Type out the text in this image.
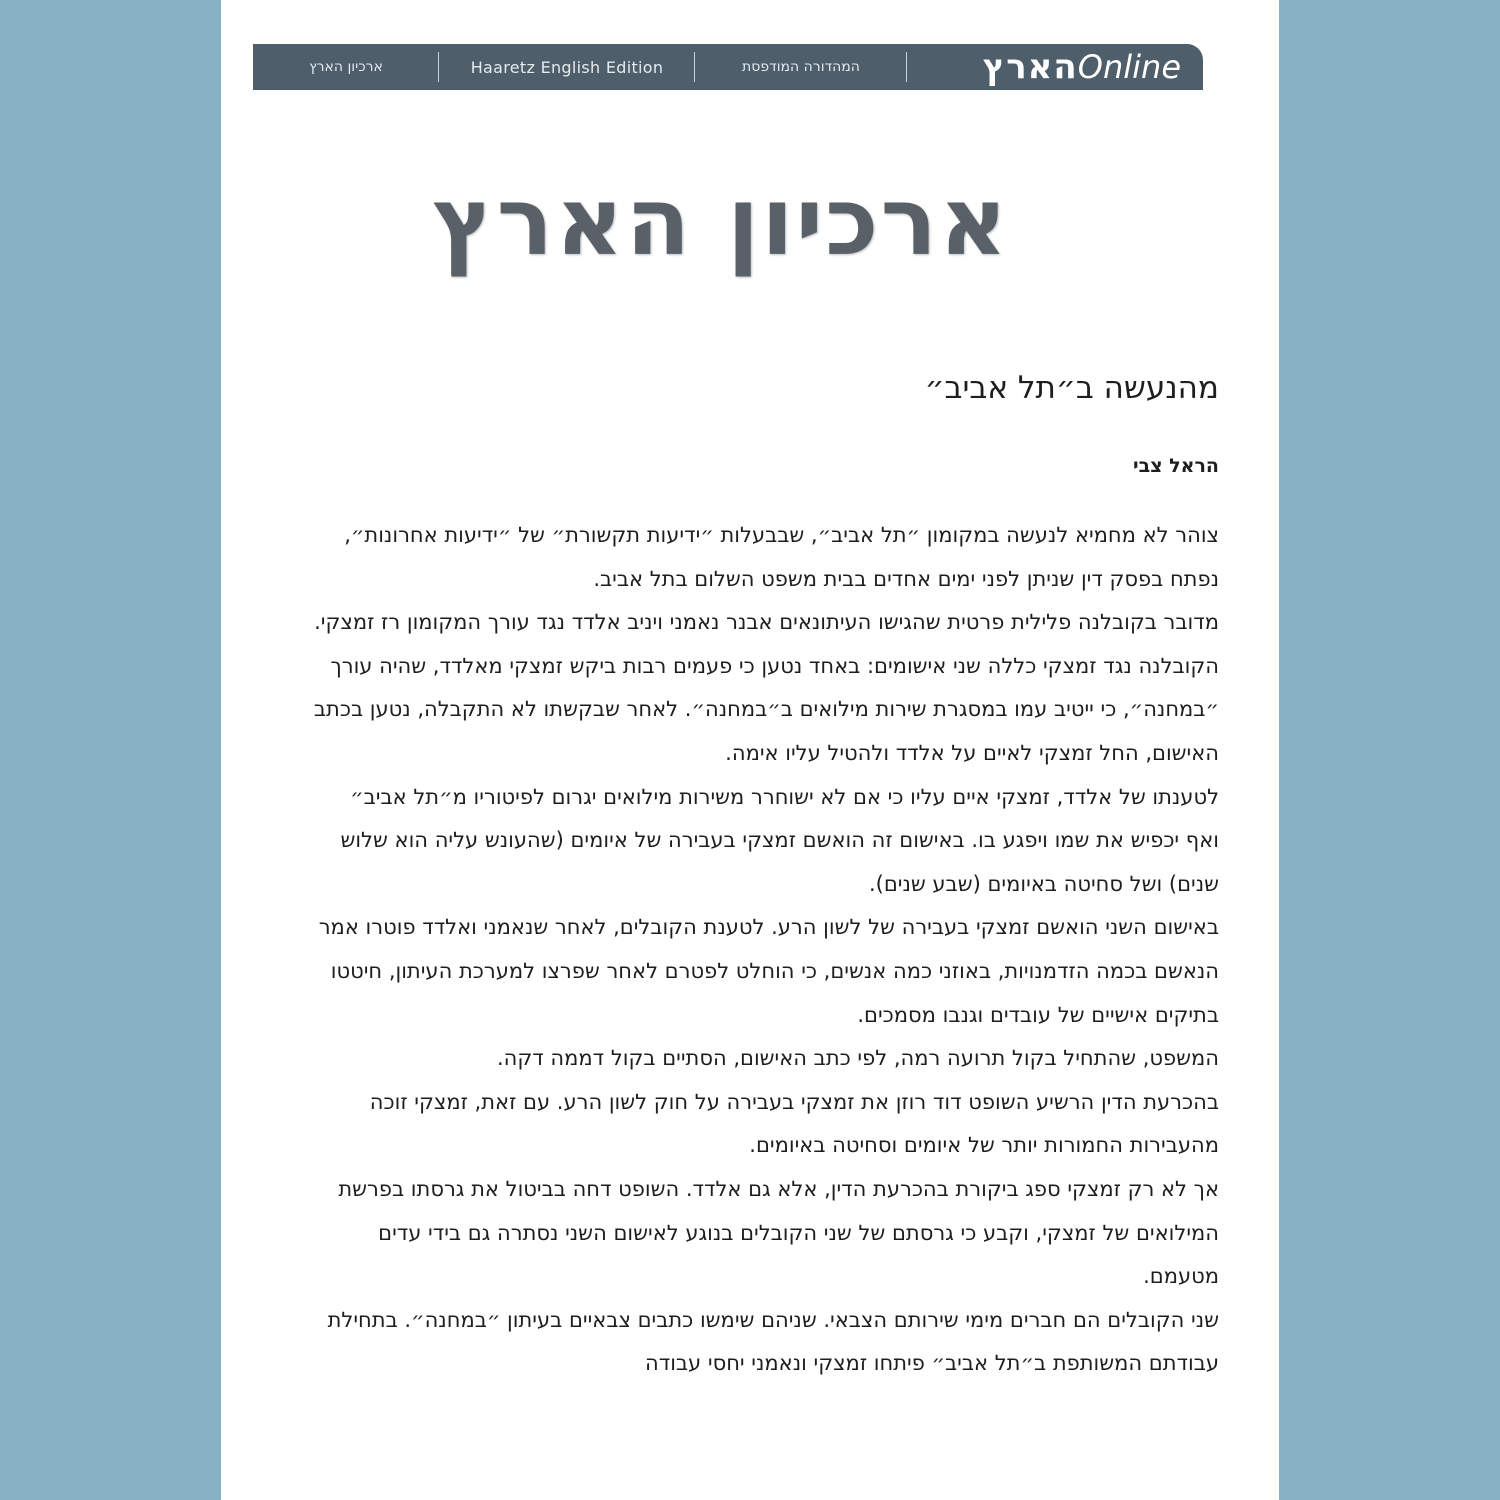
הארץ Online
המהדורה המודפסת
Haaretz English Edition
ארכיון הארץ
ארכיון הארץ
מהנעשה ב״תל אביב״
הראל צבי

צוהר לא מחמיא לנעשה במקומון ״תל אביב״, שבבעלות ״ידיעות תקשורת״ של ״ידיעות אחרונות״, נפתח בפסק דין שניתן לפני ימים אחדים בבית משפט השלום בתל אביב.

מדובר בקובלנה פלילית פרטית שהגישו העיתונאים אבנר נאמני ויניב אלדד נגד עורך המקומון רז זמצקי.

הקובלנה נגד זמצקי כללה שני אישומים: באחד נטען כי פעמים רבות ביקש זמצקי מאלדד, שהיה עורך ״במחנה״, כי ייטיב עמו במסגרת שירות מילואים ב״במחנה״. לאחר שבקשתו לא התקבלה, נטען בכתב האישום, החל זמצקי לאיים על אלדד ולהטיל עליו אימה.

לטענתו של אלדד, זמצקי איים עליו כי אם לא ישוחרר משירות מילואים יגרום לפיטוריו מ״תל אביב״ ואף יכפיש את שמו ויפגע בו. באישום זה הואשם זמצקי בעבירה של איומים (שהעונש עליה הוא שלוש שנים) ושל סחיטה באיומים (שבע שנים).

באישום השני הואשם זמצקי בעבירה של לשון הרע. לטענת הקובלים, לאחר שנאמני ואלדד פוטרו אמר הנאשם בכמה הזדמנויות, באוזני כמה אנשים, כי הוחלט לפטרם לאחר שפרצו למערכת העיתון, חיטטו בתיקים אישיים של עובדים וגנבו מסמכים.

המשפט, שהתחיל בקול תרועה רמה, לפי כתב האישום, הסתיים בקול דממה דקה.

בהכרעת הדין הרשיע השופט דוד רוזן את זמצקי בעבירה על חוק לשון הרע. עם זאת, זמצקי זוכה מהעבירות החמורות יותר של איומים וסחיטה באיומים.

אך לא רק זמצקי ספג ביקורת בהכרעת הדין, אלא גם אלדד. השופט דחה בביטול את גרסתו בפרשת המילואים של זמצקי, וקבע כי גרסתם של שני הקובלים בנוגע לאישום השני נסתרה גם בידי עדים מטעמם.

שני הקובלים הם חברים מימי שירותם הצבאי. שניהם שימשו כתבים צבאיים בעיתון ״במחנה״. בתחילת עבודתם המשותפת ב״תל אביב״ פיתחו זמצקי ונאמני יחסי עבודה
